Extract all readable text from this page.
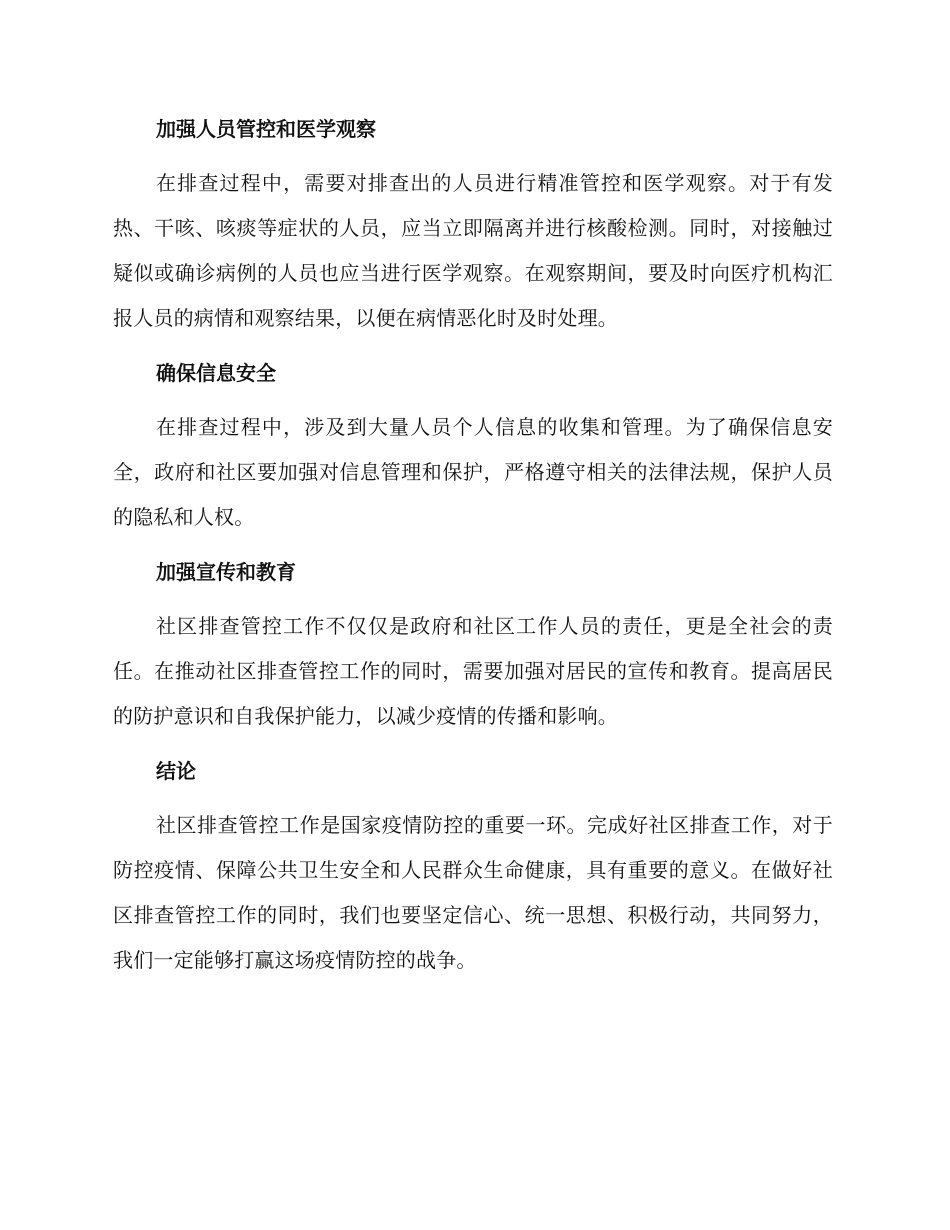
加强人员管控和医学观察
在排查过程中，需要对排查出的人员进行精准管控和医学观察。对于有发热、干咳、咳痰等症状的人员，应当立即隔离并进行核酸检测。同时，对接触过疑似或确诊病例的人员也应当进行医学观察。在观察期间，要及时向医疗机构汇报人员的病情和观察结果，以便在病情恶化时及时处理。
确保信息安全
在排查过程中，涉及到大量人员个人信息的收集和管理。为了确保信息安全，政府和社区要加强对信息管理和保护，严格遵守相关的法律法规，保护人员的隐私和人权。
加强宣传和教育
社区排查管控工作不仅仅是政府和社区工作人员的责任，更是全社会的责任。在推动社区排查管控工作的同时，需要加强对居民的宣传和教育。提高居民的防护意识和自我保护能力，以减少疫情的传播和影响。
结论
社区排查管控工作是国家疫情防控的重要一环。完成好社区排查工作，对于防控疫情、保障公共卫生安全和人民群众生命健康，具有重要的意义。在做好社区排查管控工作的同时，我们也要坚定信心、统一思想、积极行动，共同努力，我们一定能够打赢这场疫情防控的战争。
